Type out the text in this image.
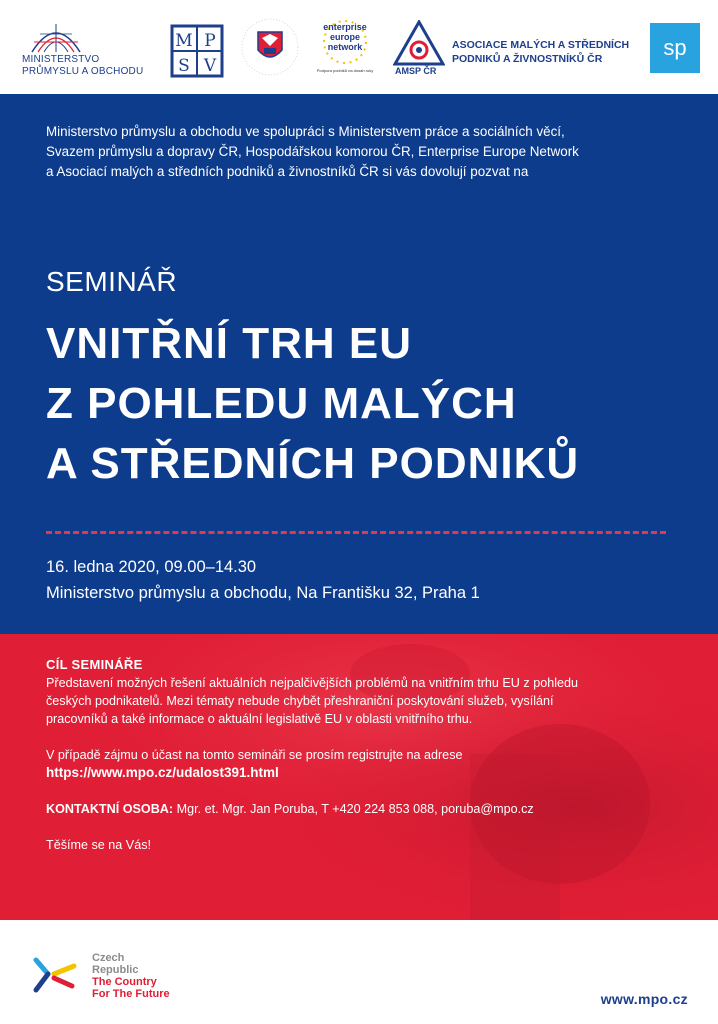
MINISTERSTVO
PRŮMYSLU A OBCHODU
M P
S V
enterprise
europe
network
Podpora podniků na dosah ruky	AMSP ČR
ASOCIACE MALÝCH A STŘEDNÍCH
PODNIKŮ A ŽIVNOSTNÍKŮ ČR	sp

Ministerstvo průmyslu a obchodu ve spolupráci s Ministerstvem práce a sociálních věcí,

Svazem průmyslu a dopravy ČR, Hospodářskou komorou ČR, Enterprise Europe Network

a Asociací malých a středních podniků a živnostníků ČR si vás dovolují pozvat na

SEMINÁŘ
VNITŘNÍ TRH EU
Z POHLEDU MALÝCH
A STŘEDNÍCH PODNIKŮ
16. ledna 2020, 09.00–14.30
Ministerstvo průmyslu a obchodu, Na Františku 32, Praha 1

CÍL SEMINÁŘE

Představení možných řešení aktuálních nejpalčivějších problémů na vnitřním trhu EU z pohledu

českých podnikatelů. Mezi tématy nebude chybět přeshraniční poskytování služeb, vysílání

pracovníků a také informace o aktuální legislativě EU v oblasti vnitřního trhu.

V případě zájmu o účast na tomto semináři se prosím registrujte na adrese

https://www.mpo.cz/udalost391.html

KONTAKTNÍ OSOBA: Mgr. et. Mgr. Jan Poruba, T +420 224 853 088, poruba@mpo.cz

Těšíme se na Vás!

Czech
Republic
The Country
For The Future	www.mpo.cz
